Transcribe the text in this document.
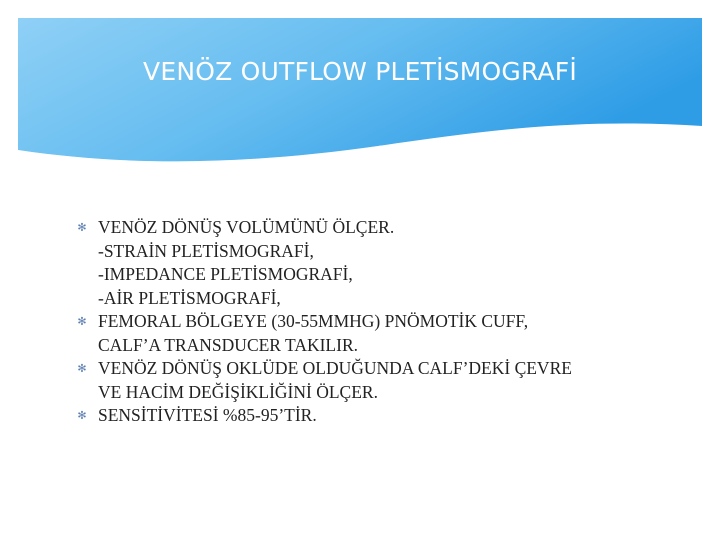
VENÖZ OUTFLOW PLETİSMOGRAFİ
✻ VENÖZ DÖNÜŞ VOLÜMÜNÜ ÖLÇER.
-STRAİN PLETİSMOGRAFİ,
-IMPEDANCE PLETİSMOGRAFİ,
-AİR PLETİSMOGRAFİ,
✻ FEMORAL BÖLGEYE (30-55MMHG) PNÖMOTİK CUFF,
CALF’A TRANSDUCER TAKILIR.
✻ VENÖZ DÖNÜŞ OKLÜDE OLDUĞUNDA CALF’DEKİ ÇEVRE
VE HACİM DEĞİŞİKLİĞİNİ ÖLÇER.
✻ SENSİTİVİTESİ %85-95’TİR.
